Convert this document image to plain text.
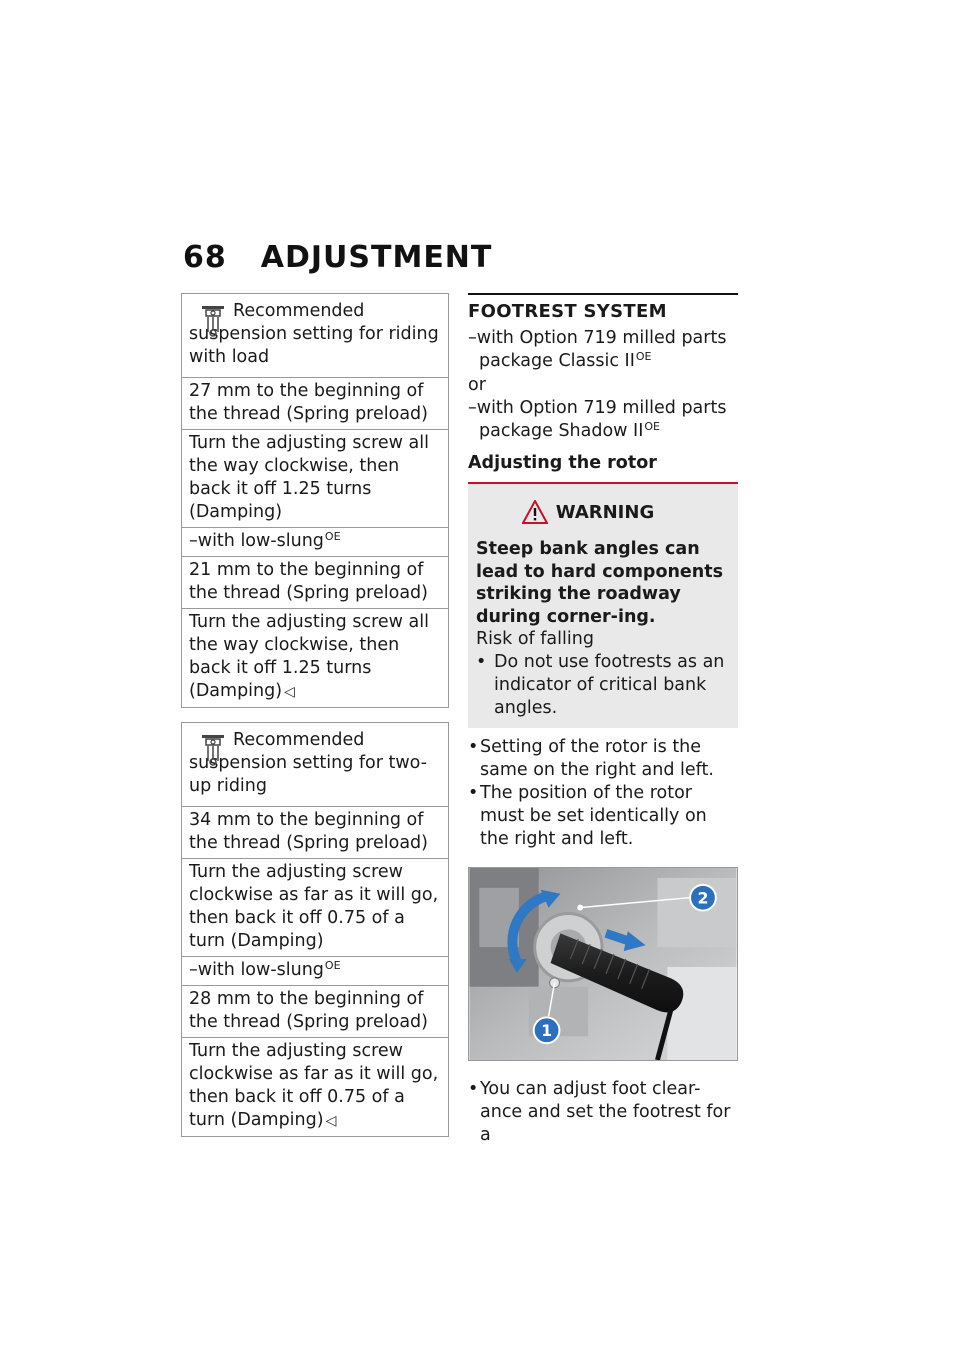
68 ADJUSTMENT
Recommended suspension setting for riding with load
27 mm to the beginning of the thread (Spring preload)
Turn the adjusting screw all the way clockwise, then back it off 1.25 turns (Damping)
–with low-slung$^{OE}$
21 mm to the beginning of the thread (Spring preload)
Turn the adjusting screw all the way clockwise, then back it off 1.25 turns (Damping) ◁
Recommended suspension setting for two-up riding
34 mm to the beginning of the thread (Spring preload)
Turn the adjusting screw clockwise as far as it will go, then back it off 0.75 of a turn (Damping)
–with low-slung$^{OE}$
28 mm to the beginning of the thread (Spring preload)
Turn the adjusting screw clockwise as far as it will go, then back it off 0.75 of a turn (Damping) ◁
FOOTREST SYSTEM
–with Option 719 milled parts package Classic $II^{OE}$
or
–with Option 719 milled parts package Shadow $II^{OE}$
Adjusting the rotor
WARNING
Steep bank angles can lead to hard components striking the roadway during corner-ing.
Risk of falling
• Do not use footrests as an indicator of critical bank angles.
• Setting of the rotor is the same on the right and left.
• The position of the rotor must be set identically on the right and left.
2
1
• You can adjust foot clear-ance and set the footrest for a
